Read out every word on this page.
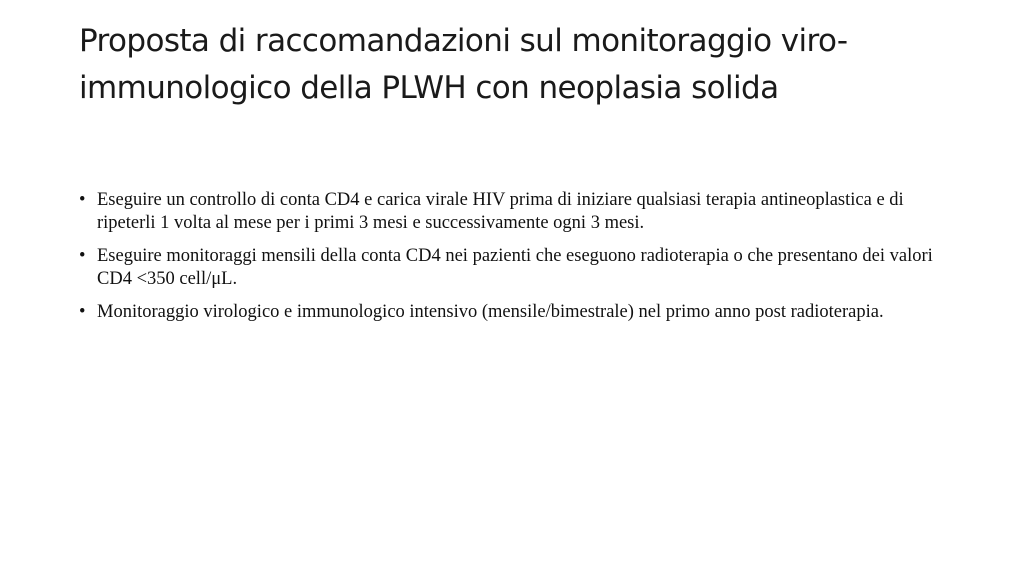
Proposta di raccomandazioni sul monitoraggio viro- immunologico della PLWH con neoplasia solida
• Eseguire un controllo di conta CD4 e carica virale HIV prima di iniziare qualsiasi terapia antineoplastica e di ripeterli 1 volta al mese per i primi 3 mesi e successivamente ogni 3 mesi.
• Eseguire monitoraggi mensili della conta CD4 nei pazienti che eseguono radioterapia o che presentano dei valori CD4 <350 cell/μL.
• Monitoraggio virologico e immunologico intensivo (mensile/bimestrale) nel primo anno post radioterapia.
